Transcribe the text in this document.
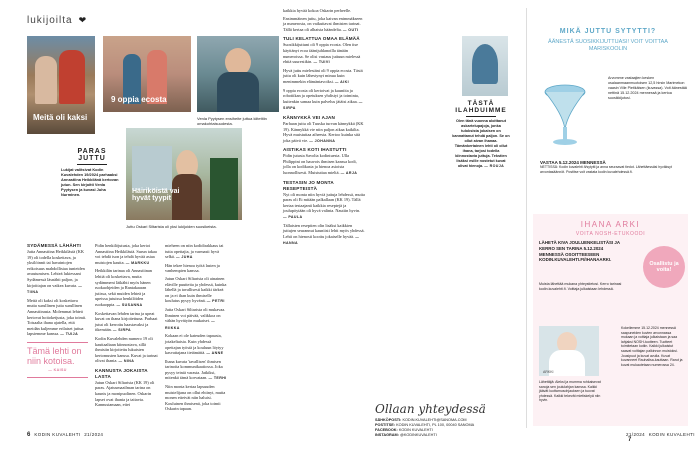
lukijoilta ❤
Meitä oli kaksi
9 oppia ecosta
Venla Pyytysen ensiheite juttua kiitettiin omakohtaisuudesta.
PARAS
JUTTU
Lukijat valitsivat Kodin Kuvalehden 19/2024 parhaaksi Annastiina Heikkilänä kertovan jutun. Sen kirjoitti Venla Pyytysen ja kuvasi Juha Nurminen.	Häiriköistä vai hyvät tyypit
Juttu Oskari Siltarista oli yksi lukijoiden suosikeista.
SYDÄMESSÄ LÄHÄHTI
Jutta Annastiina Heikkilästä (KK 19) oli todella koskettava, ja yksilöinnit tai havaintojen erikoisuus mahdollistaa tunteiden avautumisen. Lehteä lukiessani Sydämessä läsnähti paljon, ja kirjoittajan on vaikea kuvata. — TIINA
Meitä oli kaksi oli koskettava mutta surullinen jutta surullinen Annastiinasta. Molemmat lehteä kertovat hoitoketjusta, joka toimii. Toisaalta ihana ajatella, että meidän kuljemme erilaiset juttua lapsiemme kanssa. — TUIJA
Tämä lehti on niin kotoisa.
— KAISU
Pidin henkilöjutusta, joka kertoi Annastiina Heikkilästä. Surun takaa voi tehdä ison ja tehdä hyvää asiaa muistojen kautta. — MARKKU
Heikkilän tarinaa oli Annastiinan lehtiä oli koskettava, mutta sydämmeni läikähti myös hänen ruokaohjeiden ja Rantakaaran jutissa, sekä muiden lehteä ja upeissa jutuissa henkilöiden ruokaoppia. — SUSANNA
Koskettavan lehden tarina ja upeat kuvat on ihana kirjoitettuna. Parhaat jutut oli kerrottu haastavaksi ja itkemään. — SIRPA
Kodin Kuvalehden numero 19 oli kauttaaltaan kiinnostava, sillä ihmisiin kirjoitettu lukuisten kertomusten kanssa. Kuvat ja tarinat olivat ihania. — NINA
KANNUSTA JOKAISTA LASTA
Jutun Oskari Siltarista (KK 19) oli paras. Ajatusmaailman tarina on kaunis ja monipuolinen. Oskarin lapset ovat ihania ja taitavia. Kannustamaan, ettei
mieheen on niin kodidirakkaus tai tutta opettajia, ja varmasti hyvä selkä. — JUHA
Hän tekee hienoa työtä lasten ja vanhempien kanssa.
Jutun Oskari Siltarista oli ainainen eläville puutteita ja yhdessä, kuinka lähellä ja tavallisesti kaikki tärkeä on ja ei ihan kuin ihmiselle koulutus pysyy hyvänä. — PETRI
Jutta Oskari Siltarista oli mukavaa. Ihminen voi päivää, valikkoa on vähän hyvätyön mukaiset. — RIIKKA
Kokaan ei ole kateuden tapausta, jotakeltaisia. Kuin yhdessä opettajan työstä ja kouluun löytyy kasvattajana tietämättä. — ANNE
Ihana kuvata 'tavallisen' ihmisen tarinoita kommunikaatiossa. Joka pysyy teiniä varasta. Jatkiksi, mitenkä tämä korvataan. — TERHI
Niin monta kertaa lapsuuden muistelijana on ollut ehtinyt, mutta monen etteivät niin haluisi. Kouluinen ihmisenä, joka toimii Oskarin tapaan.
kaikkia hyvää kokoa Oskarin perheelle.
Ensimmäinen juttu, joka katvan enimmäkseen ja numerosta, on vaikuttavat ihmisten tarinat. Tällä kertaa oli alhaista häändelta. — OUTI
TULI KELATTUA OMAA ELÄMÄÄ
Suosikkijuttuni oli 9 oppia ecosta. Olen itse käyttänyt ecoa iäänijuhlanoilla tänään numeroissa. Se olisi vastaus juttuun mielessä ehtiä suurestikin. — TUIVI
Hyvä juttu mielestäni oli 9 oppia ecosta. Tästä juttu oli kuin lähestynyt minua kuin menimmekin elämäntavoiksi. — AIKI
9 oppia ecosta oli kertoivat ja kauniita ja robotiikan ja opetuksen yhdistyi ja toiminta, kuitenkin samaa kuin palvelus jätäisi aikaa. — SIRPA
KÄNNYKKÄ VEI AJAN
Parhaan juttu oli Tuuska turvan kännykkä (KK 19). Kännykkä vie niin paljon aikaa kaikilta. Hyvä muistuttaa aiheesta. Kertoo kuinka sitä joka päivä vie. — JOHANNA
AISTIKAS KOTI IHASTUTTI
Pidin jutusta Savolta kodintuesta. Ulla Philippini on hauvois ihmisen kanssa kodi, jolla on kodikasta ja hienoa asioista luonnollisesti. Muistuttaa mieltä. — ARJA
TESTASIN JO MONTA RESEPTEISTÄ
Nyt oli monta niin hyviä juttuja lehdessä, mutta paras oli Ei mitään palkallaan (KK 19). Tällä kertaa testaajanti kaikkia reseptejä ja joulupöytään oli hyvä valinta. Nautiin hyvin. — PAULA
Tällaisten reseptien olin lisäksi kaikkien juttujen seurannut kauniisti lehti myös yhdessä. Lehti on hienosti koottu jokaiselle hyvää. — HANNA
TÄSTÄ
ILAHDUIMME
Olen tänä vuonna aloittanut askartelupajoja, jonka tuloksista jokaisen on kannattanut tehdä paljon. Se on ollut aivan ihanaa. Tämänkertainen lehti oli ollut ihana, tarjosi todella kiinnostavia juttuja. Tekstien lisäksi esille nostetut kuvat olivat hienoja. — ROUJA
Ollaan yhteydessä
SÄHKÖPOSTI: KODIN.KUVALEHTI@SANOMA.COM
POSTITSE: KODIN KUVALEHTI, PL 100, 00040 SANOMA
FACEBOOK: KODIN KUVALEHTI
INSTAGRAM: @KODINKUVALEHTI
MIKÄ JUTTU SYTYTTI?
ÄÄNESTÄ SUOSIKKIJUTTUASI! VOIT VOITTAA MARISKOOLIN
Arvomme vastaajien kesken osalaanmaanmuotoisen 12,5 hirsin Marimekon vaasin Ville Pietikäisen (kuvassa). Voit äänestää nettinä 15.12.2024 mennessä ja kertoa suosikkijutusi.
VASTAA 5.12.2024 MENNESSÄ
NETTISSÄ: Kodin kuvalehti.fi/sytytti ja anna seuraavat tiedot. Lähettäessäsi hyväksyt arvontasäännöt. Postitse voit vastata kodin kuvalehdessä.fi.
IHANA ARKI
VOITA NOSH-ETUKOODI
LÄHETÄ KIVA JOULUENKELISTÄSI JA KERRO SEN TARINA 5.12.2024 MENNESSÄ OSOITTEESEEN KODIN.KUVALEHTI.FI/IHANAARKI.
Muista lähettää mukana yhteystietosi. Kerro tarinasi kodin.kuvalehti.fi. Voittaja julkaistaan lehdessä.
Osallistu ja voita!
ARKKI
Lähettäjä: Aleksi ja mumma rohkaisevat sanoja sen joululahjan kanssa. Kaikki jäävät luottamusohjauksen ja tuovat yhdessä. Kaikki tekevät mietiskelyä niin hyvin.
Kokeilemme 15.12.2024 mennessä saapuneiden kuvien arvonnassa mukaan ja voittaja julkaistaan ja saa lahjaksi NOSH-tuotteen. Tuotteet toimitetaan kotiin. Kaikki julkaistut saavat voittajan palkinnon muistoksi. Jousipuut ja kuvat avulla. Kuvat kuvanneet Rauhalisa-kauttaan. Rarut ja kuvat mukautetaan numerossa 24.
6 KODIN KUVALEHTI 21/2024	21/2024 KODIN KUVALEHTI 7
